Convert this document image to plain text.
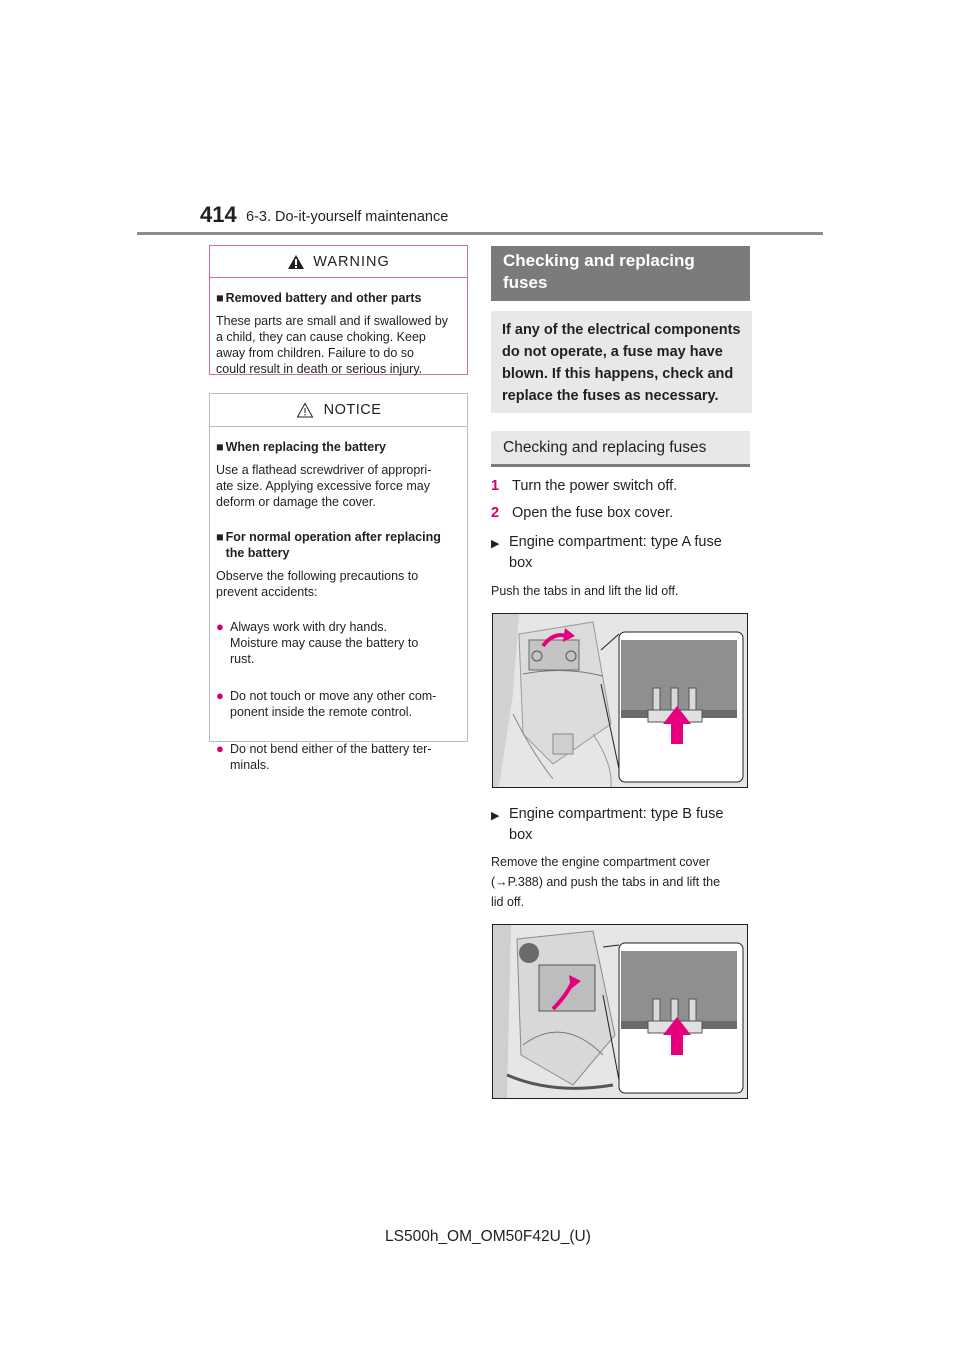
414 6-3. Do-it-yourself maintenance
WARNING
■ Removed battery and other parts
These parts are small and if swallowed by
a child, they can cause choking. Keep
away from children. Failure to do so
could result in death or serious injury.
NOTICE
■ When replacing the battery
Use a flathead screwdriver of appropri-
ate size. Applying excessive force may
deform or damage the cover.
■ For normal operation after replacing
the battery
Observe the following precautions to
prevent accidents:
● Always work with dry hands.
Moisture may cause the battery to
rust.
● Do not touch or move any other com-
ponent inside the remote control.
● Do not bend either of the battery ter-
minals.
Checking and replacing
fuses
If any of the electrical components
do not operate, a fuse may have
blown. If this happens, check and
replace the fuses as necessary.
Checking and replacing fuses
1 Turn the power switch off.
2 Open the fuse box cover.
▶ Engine compartment: type A fuse
box
Push the tabs in and lift the lid off.
▶ Engine compartment: type B fuse
box
Remove the engine compartment cover
(→P.388) and push the tabs in and lift the
lid off.
LS500h_OM_OM50F42U_(U)
